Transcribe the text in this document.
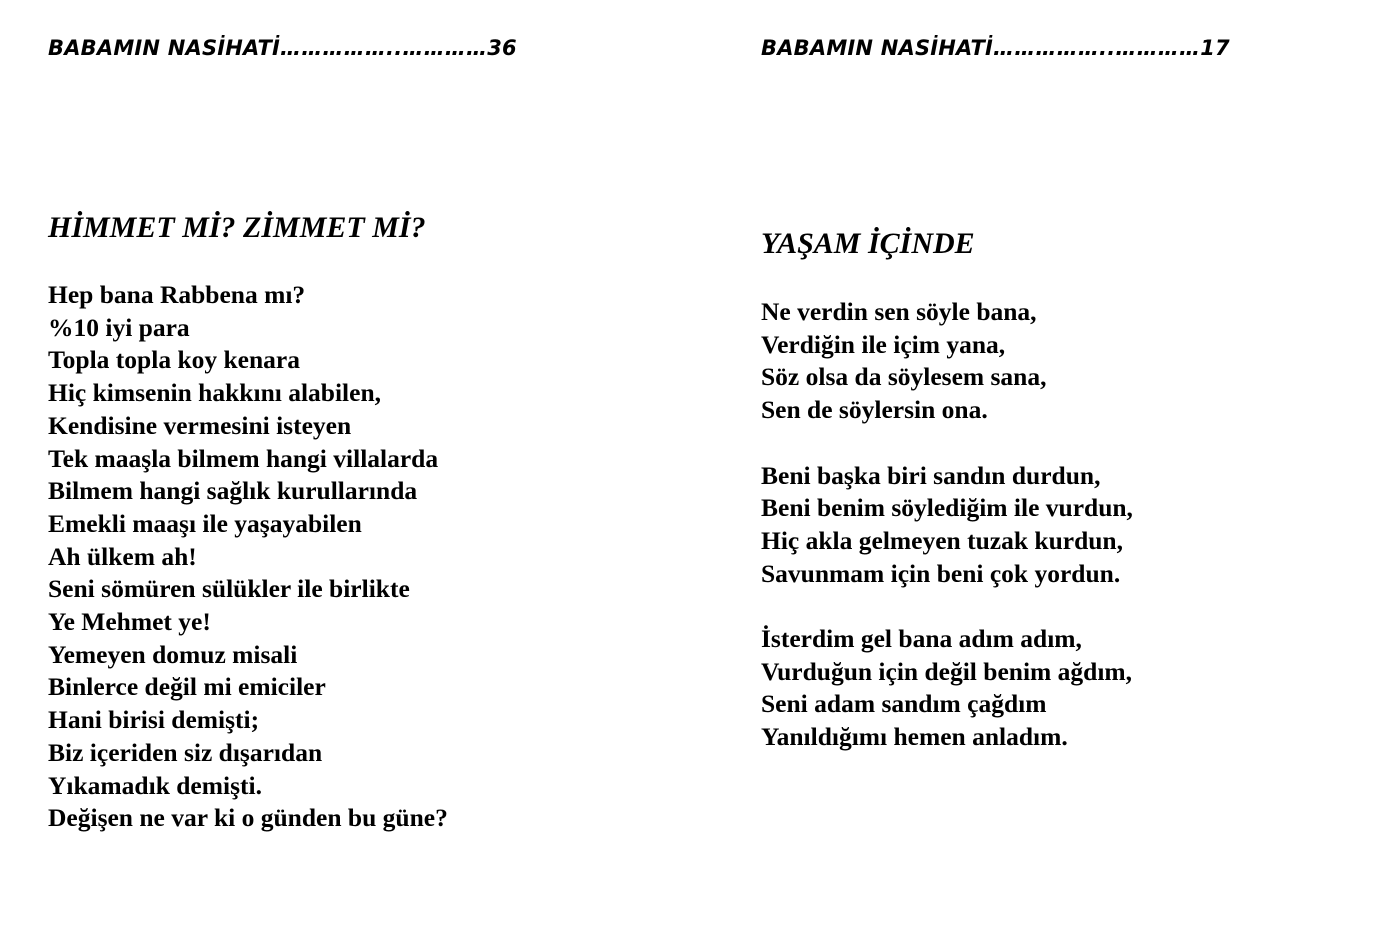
BABAMIN NASİHATİ……………..…………36
HİMMET Mİ? ZİMMET Mİ?
Hep bana Rabbena mı?
%10 iyi para
Topla topla koy kenara
Hiç kimsenin hakkını alabilen,
Kendisine vermesini isteyen
Tek maaşla bilmem hangi villalarda
Bilmem hangi sağlık kurullarında
Emekli maaşı ile yaşayabilen
Ah ülkem ah!
Seni sömüren sülükler ile birlikte
Ye Mehmet ye!
Yemeyen domuz misali
Binlerce değil mi emiciler
Hani birisi demişti;
Biz içeriden siz dışarıdan
Yıkamadık demişti.
Değişen ne var ki o günden bu güne?
BABAMIN NASİHATİ……………..…………17
YAŞAM İÇİNDE
Ne verdin sen söyle bana,
Verdiğin ile içim yana,
Söz olsa da söylesem sana,
Sen de söylersin ona.
Beni başka biri sandın durdun,
Beni benim söylediğim ile vurdun,
Hiç akla gelmeyen tuzak kurdun,
Savunmam için beni çok yordun.
İsterdim gel bana adım adım,
Vurduğun için değil benim ağdım,
Seni adam sandım çağdım
Yanıldığımı hemen anladım.
